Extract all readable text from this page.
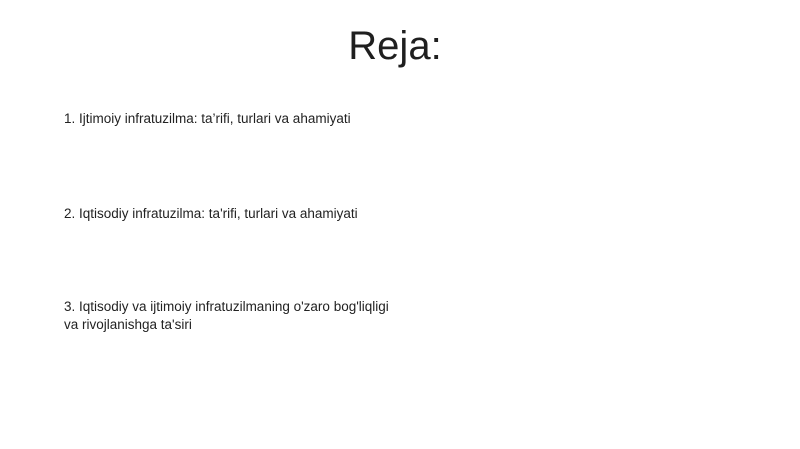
Reja:

1. Ijtimoiy infratuzilma: ta’rifi, turlari va ahamiyati

2. Iqtisodiy infratuzilma: ta'rifi, turlari va ahamiyati

3. Iqtisodiy va ijtimoiy infratuzilmaning o'zaro bog'liqligi
va rivojlanishga ta'siri
